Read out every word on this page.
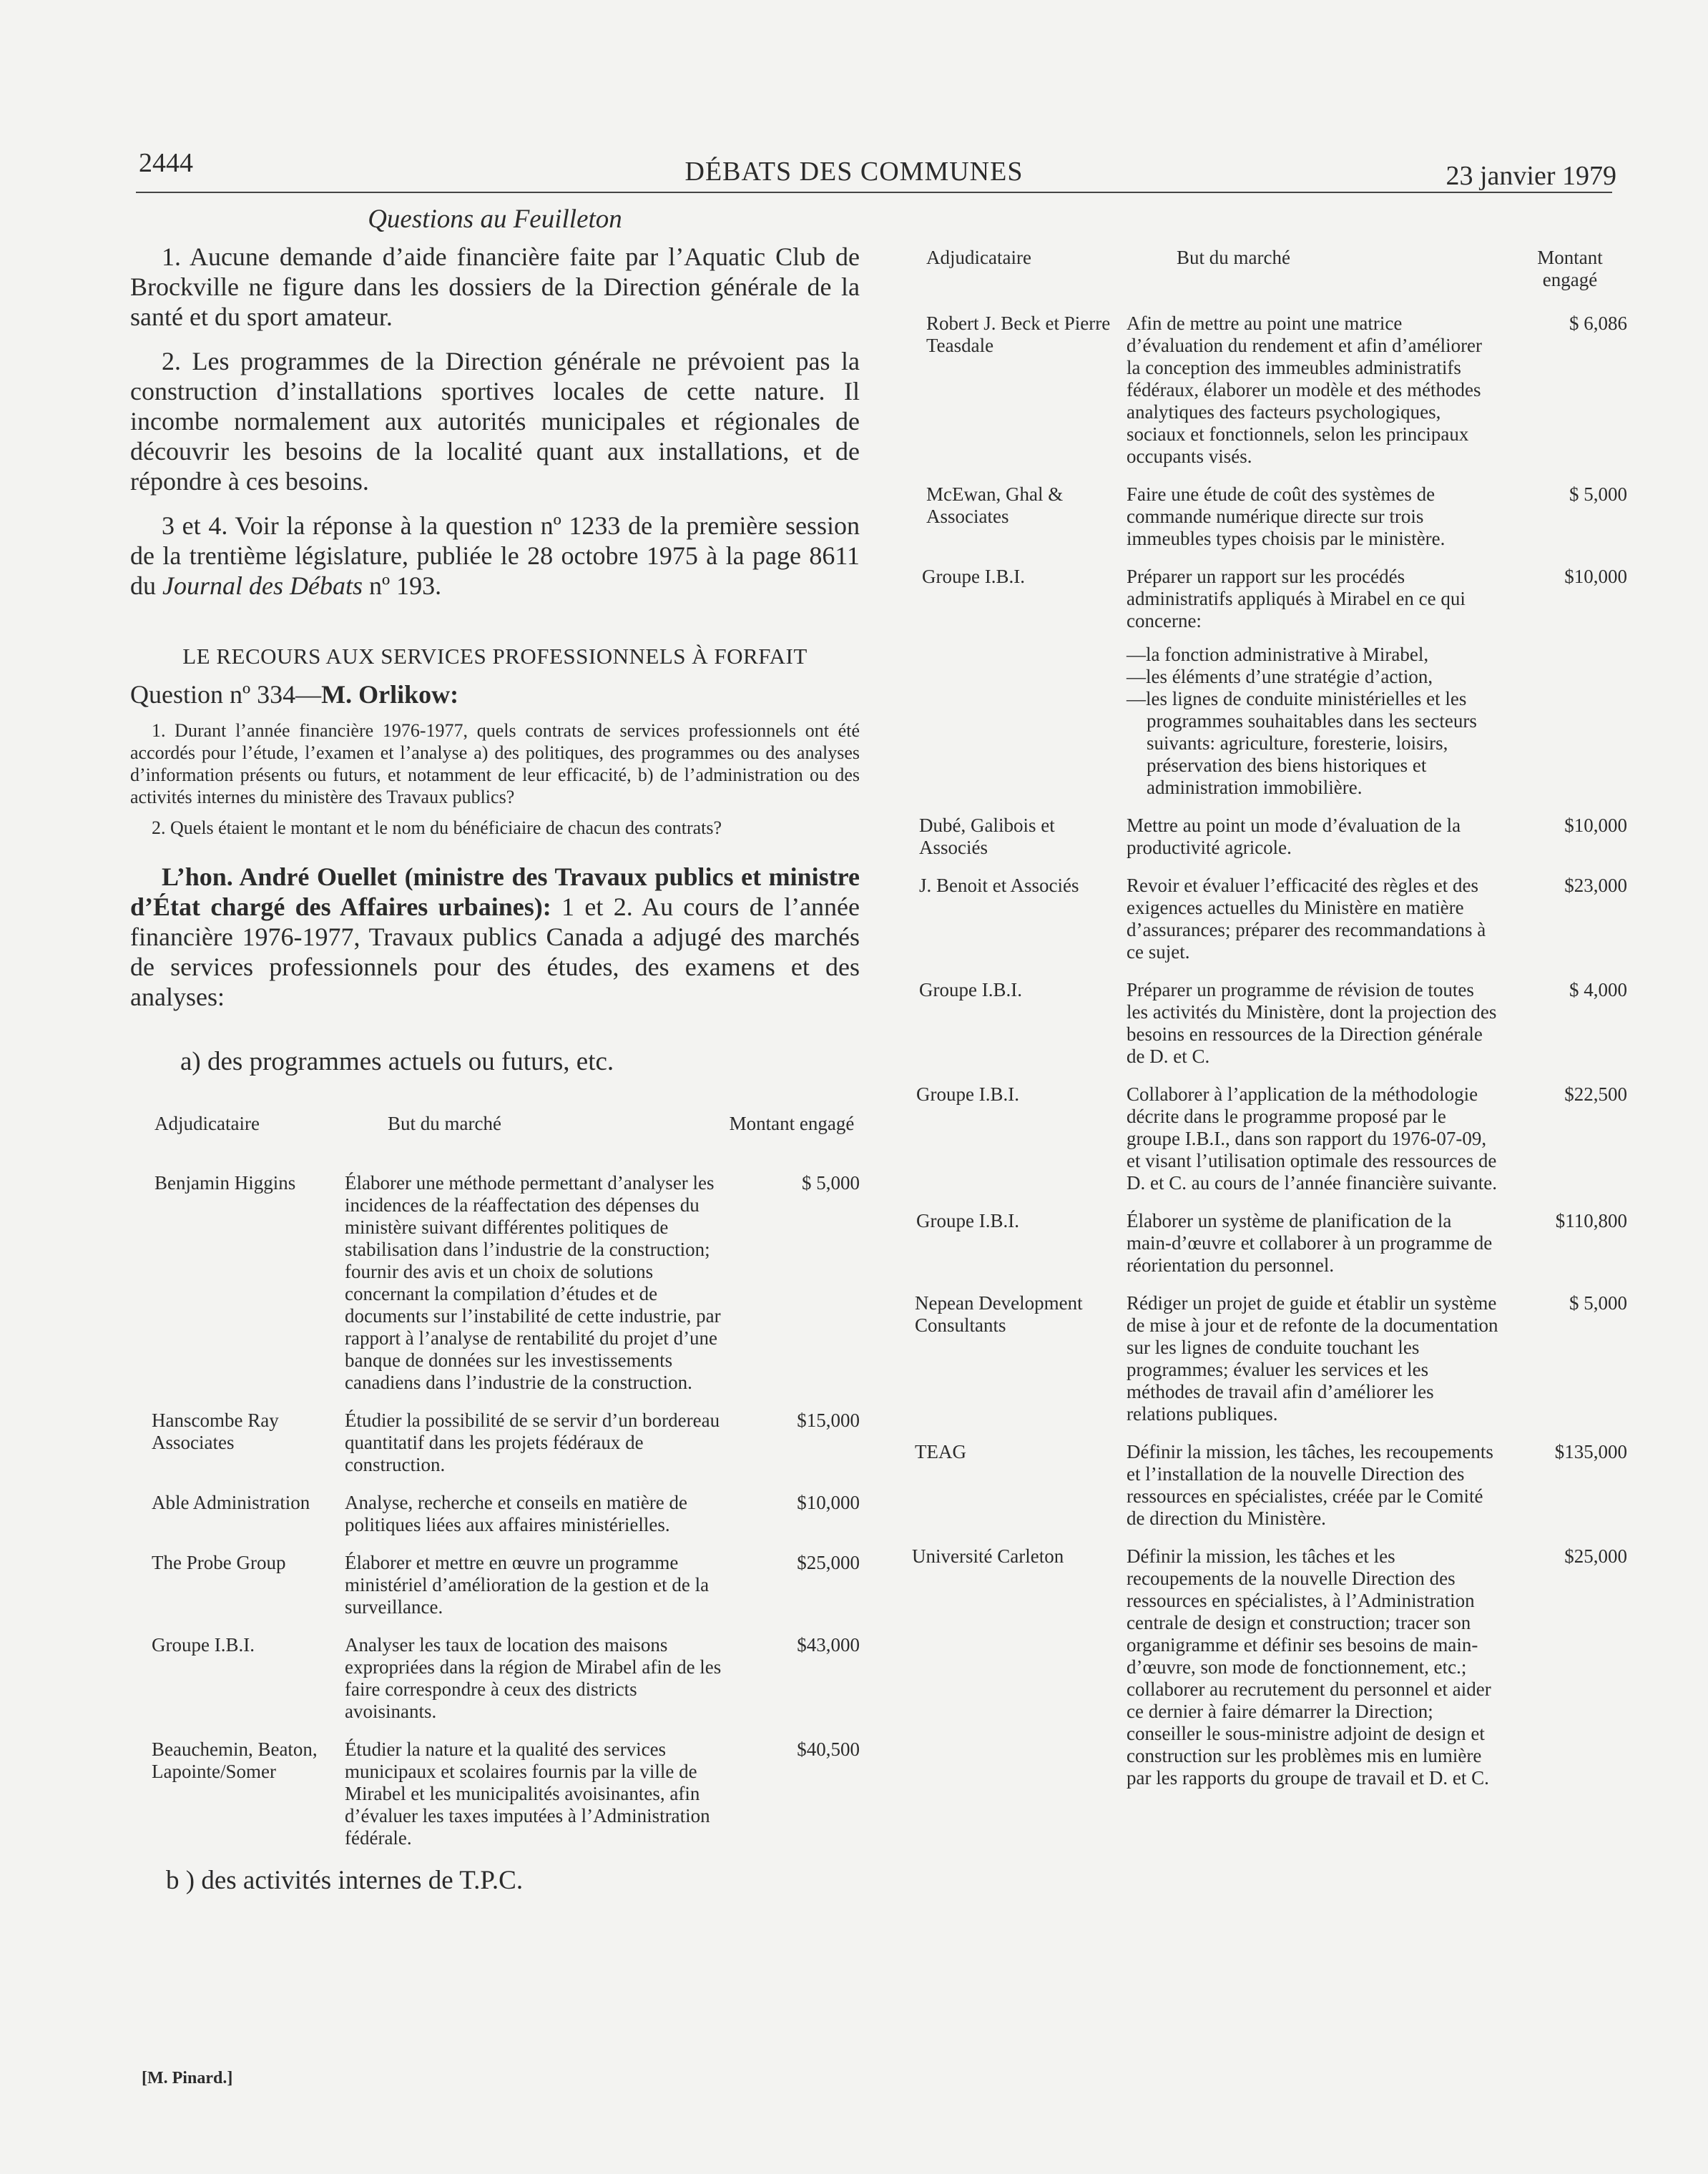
2444	DÉBATS DES COMMUNES	23 janvier 1979
Questions au Feuilleton

1. Aucune demande d’aide financière faite par l’Aquatic Club de Brockville ne figure dans les dossiers de la Direction générale de la santé et du sport amateur.

2. Les programmes de la Direction générale ne prévoient pas la construction d’installations sportives locales de cette nature. Il incombe normalement aux autorités municipales et régionales de découvrir les besoins de la localité quant aux installations, et de répondre à ces besoins.

3 et 4. Voir la réponse à la question nº 1233 de la première session de la trentième législature, publiée le 28 octobre 1975 à la page 8611 du Journal des Débats nº 193.

LE RECOURS AUX SERVICES PROFESSIONNELS À FORFAIT
Question nº 334—M. Orlikow:

1. Durant l’année financière 1976-1977, quels contrats de services professionnels ont été accordés pour l’étude, l’examen et l’analyse a) des politiques, des programmes ou des analyses d’information présents ou futurs, et notamment de leur efficacité, b) de l’administration ou des activités internes du ministère des Travaux publics?

2. Quels étaient le montant et le nom du bénéficiaire de chacun des contrats?

L’hon. André Ouellet (ministre des Travaux publics et ministre d’État chargé des Affaires urbaines): 1 et 2. Au cours de l’année financière 1976-1977, Travaux publics Canada a adjugé des marchés de services professionnels pour des études, des examens et des analyses:

a) des programmes actuels ou futurs, etc.
Adjudicataire	But du marché	Montant engagé
Benjamin Higgins	Élaborer une méthode permettant d’analyser les incidences de la réaffectation des dépenses du ministère suivant différentes politiques de stabilisation dans l’industrie de la construction; fournir des avis et un choix de solutions concernant la compilation d’études et de documents sur l’instabilité de cette industrie, par rapport à l’analyse de rentabilité du projet d’une banque de données sur les investissements canadiens dans l’industrie de la construction.	$ 5,000
Hanscombe Ray Associates	Étudier la possibilité de se servir d’un bordereau quantitatif dans les projets fédéraux de construction.	$15,000
Able Administration	Analyse, recherche et conseils en matière de politiques liées aux affaires ministérielles.	$10,000
The Probe Group	Élaborer et mettre en œuvre un programme ministériel d’amélioration de la gestion et de la surveillance.	$25,000
Groupe I.B.I.	Analyser les taux de location des maisons expropriées dans la région de Mirabel afin de les faire correspondre à ceux des districts avoisinants.	$43,000
Beauchemin, Beaton, Lapointe/Somer	Étudier la nature et la qualité des services municipaux et scolaires fournis par la ville de Mirabel et les municipalités avoisinantes, afin d’évaluer les taxes imputées à l’Administration fédérale.	$40,500
b ) des activités internes de T.P.C.
Adjudicataire	But du marché	Montant engagé
Robert J. Beck et Pierre Teasdale	Afin de mettre au point une matrice d’évaluation du rendement et afin d’améliorer la conception des immeubles administratifs fédéraux, élaborer un modèle et des méthodes analytiques des facteurs psychologiques, sociaux et fonctionnels, selon les principaux occupants visés.	$ 6,086
McEwan, Ghal & Associates	Faire une étude de coût des systèmes de commande numérique directe sur trois immeubles types choisis par le ministère.	$ 5,000
Groupe I.B.I.	Préparer un rapport sur les procédés administratifs appliqués à Mirabel en ce qui concerne:
—la fonction administrative à Mirabel,
—les éléments d’une stratégie d’action,
—les lignes de conduite ministérielles et les programmes souhaitables dans les secteurs suivants: agriculture, foresterie, loisirs, préservation des biens historiques et administration immobilière.	$10,000
Dubé, Galibois et Associés	Mettre au point un mode d’évaluation de la productivité agricole.	$10,000
J. Benoit et Associés	Revoir et évaluer l’efficacité des règles et des exigences actuelles du Ministère en matière d’assurances; préparer des recommandations à ce sujet.	$23,000
Groupe I.B.I.	Préparer un programme de révision de toutes les activités du Ministère, dont la projection des besoins en ressources de la Direction générale de D. et C.	$ 4,000
Groupe I.B.I.	Collaborer à l’application de la méthodologie décrite dans le programme proposé par le groupe I.B.I., dans son rapport du 1976-07-09, et visant l’utilisation optimale des ressources de D. et C. au cours de l’année financière suivante.	$22,500
Groupe I.B.I.	Élaborer un système de planification de la main-d’œuvre et collaborer à un programme de réorientation du personnel.	$110,800
Nepean Development Consultants	Rédiger un projet de guide et établir un système de mise à jour et de refonte de la documentation sur les lignes de conduite touchant les programmes; évaluer les services et les méthodes de travail afin d’améliorer les relations publiques.	$ 5,000
TEAG	Définir la mission, les tâches, les recoupements et l’installation de la nouvelle Direction des ressources en spécialistes, créée par le Comité de direction du Ministère.	$135,000
Université Carleton	Définir la mission, les tâches et les recoupements de la nouvelle Direction des ressources en spécialistes, à l’Administration centrale de design et construction; tracer son organigramme et définir ses besoins de main-d’œuvre, son mode de fonctionnement, etc.; collaborer au recrutement du personnel et aider ce dernier à faire démarrer la Direction; conseiller le sous-ministre adjoint de design et construction sur les problèmes mis en lumière par les rapports du groupe de travail et D. et C.	$25,000
[M. Pinard.]
